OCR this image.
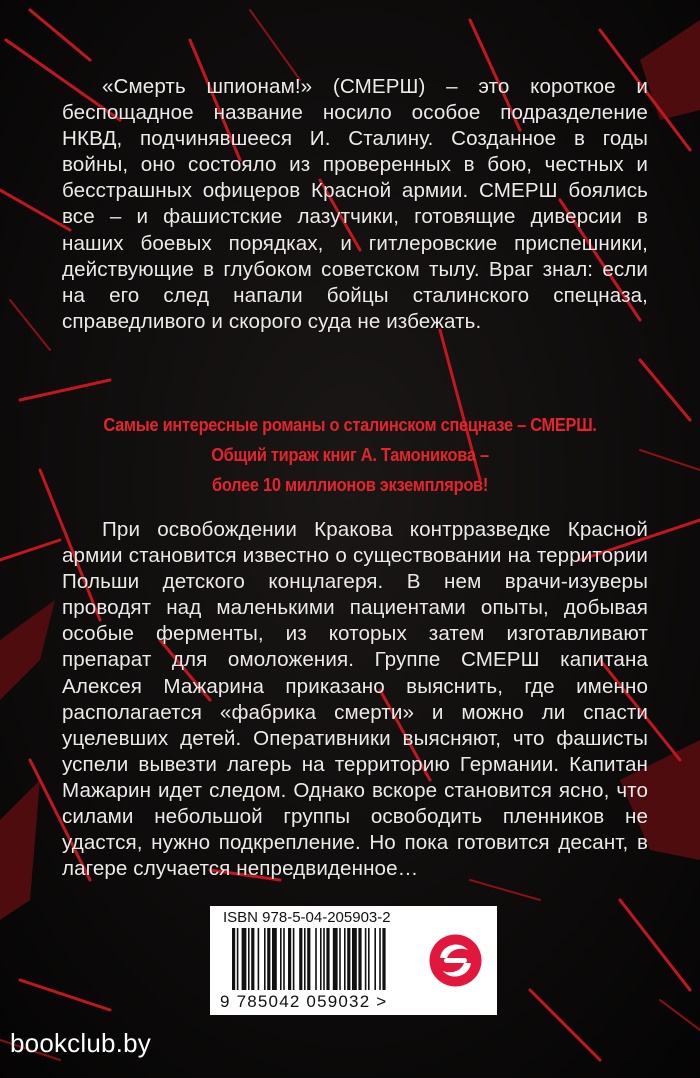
«Смерть шпионам!» (СМЕРШ) – это короткое и беспощадное название носило особое подразделение НКВД, подчинявшееся И. Сталину. Созданное в годы войны, оно состояло из проверенных в бою, честных и бесстрашных офицеров Красной армии. СМЕРШ боялись все – и фашистские лазутчики, готовящие диверсии в наших боевых порядках, и гитлеровские приспешники, действующие в глубоком советском тылу. Враг знал: если на его след напали бойцы сталинского спецназа, справедливого и скорого суда не избежать.

Самые интересные романы о сталинском спецназе – СМЕРШ.
Общий тираж книг А. Тамоникова –
более 10 миллионов экземпляров!

При освобождении Кракова контрразведке Красной армии становится известно о существовании на территории Польши детского концлагеря. В нем врачи-изуверы проводят над маленькими пациентами опыты, добывая особые ферменты, из которых затем изготавливают препарат для омоложения. Группе СМЕРШ капитана Алексея Мажарина приказано выяснить, где именно располагается «фабрика смерти» и можно ли спасти уцелевших детей. Оперативники выясняют, что фашисты успели вывезти лагерь на территорию Германии. Капитан Мажарин идет следом. Однако вскоре становится ясно, что силами небольшой группы освободить пленников не удастся, нужно подкрепление. Но пока готовится десант, в лагере случается непредвиденное…

ISBN 978-5-04-205903-2
9 785042 059032 >
bookclub.by
